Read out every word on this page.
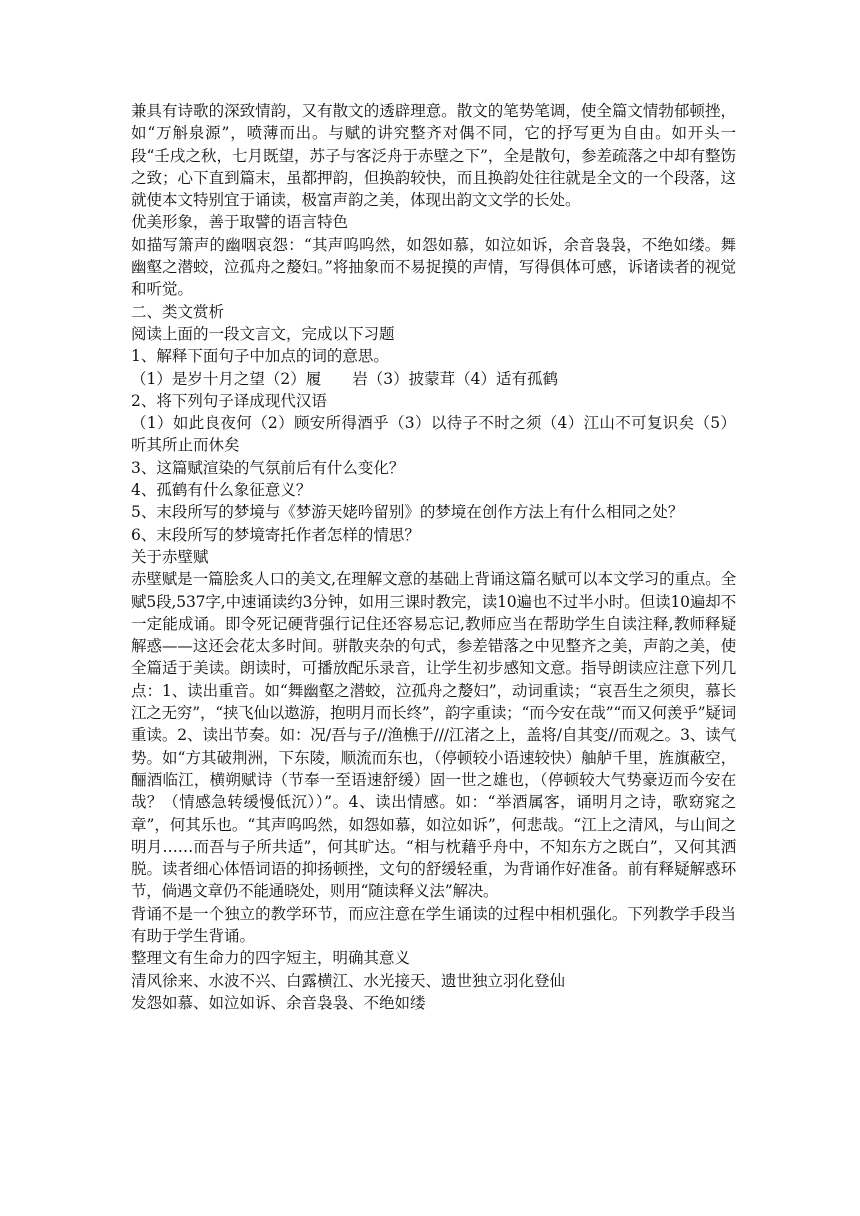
兼具有诗歌的深致情韵，又有散文的透辟理意。散文的笔势笔调，使全篇文情勃郁顿挫，如“万斛泉源”，喷薄而出。与赋的讲究整齐对偶不同，它的抒写更为自由。如开头一段“壬戌之秋，七月既望，苏子与客泛舟于赤壁之下”，全是散句，参差疏落之中却有整饬之致；心下直到篇末，虽都押韵，但换韵较快，而且换韵处往往就是全文的一个段落，这就使本文特别宜于诵读，极富声韵之美，体现出韵文文学的长处。

优美形象，善于取譬的语言特色

如描写箫声的幽咽哀怨：“其声呜呜然，如怨如慕，如泣如诉，余音袅袅，不绝如缕。舞幽壑之潜蛟，泣孤舟之嫠妇。”将抽象而不易捉摸的声情，写得俱体可感，诉诸读者的视觉和听觉。

二、类文赏析

阅读上面的一段文言文，完成以下习题

1、解释下面句子中加点的词的意思。

（1）是岁十月之望（2）履　　岩（3）披蒙茸（4）适有孤鹤

2、将下列句子译成现代汉语

（1）如此良夜何（2）顾安所得酒乎（3）以待子不时之须（4）江山不可复识矣（5）听其所止而休矣

3、这篇赋渲染的气氛前后有什么变化？

4、孤鹤有什么象征意义？

5、末段所写的梦境与《梦游天姥吟留别》的梦境在创作方法上有什么相同之处？

6、末段所写的梦境寄托作者怎样的情思？

关于赤壁赋

赤壁赋是一篇脍炙人口的美文,在理解文意的基础上背诵这篇名赋可以本文学习的重点。全赋5段,537字,中速诵读约3分钟，如用三课时教完，读10遍也不过半小时。但读10遍却不一定能成诵。即令死记硬背强行记住还容易忘记,教师应当在帮助学生自读注释,教师释疑解惑——这还会花太多时间。骈散夹杂的句式，参差错落之中见整齐之美，声韵之美，使全篇适于美读。朗读时，可播放配乐录音，让学生初步感知文意。指导朗读应注意下列几点：1、读出重音。如“舞幽壑之潜蛟，泣孤舟之嫠妇”，动词重读；“哀吾生之须臾，慕长江之无穷”，“挟飞仙以遨游，抱明月而长终”，韵字重读；“而今安在哉”“而又何羡乎”疑词重读。2、读出节奏。如：况/吾与子//渔樵于///江渚之上，盖将/自其变//而观之。3、读气势。如“方其破荆洲，下东陵，顺流而东也，（停顿较小语速较快）舳舻千里，旌旗蔽空，酾酒临江，横朔赋诗（节奉一至语速舒缓）固一世之雄也，（停顿较大气势豪迈而今安在哉？（情感急转缓慢低沉））”。4、读出情感。如：“举酒属客，诵明月之诗，歌窈窕之章”，何其乐也。“其声呜呜然，如怨如慕，如泣如诉”，何悲哉。“江上之清风，与山间之明月……而吾与子所共适”，何其旷达。“相与枕藉乎舟中，不知东方之既白”，又何其洒脱。读者细心体悟词语的抑扬顿挫，文句的舒缓轻重，为背诵作好准备。前有释疑解惑环节，倘遇文章仍不能通晓处，则用“随读释义法”解决。

背诵不是一个独立的教学环节，而应注意在学生诵读的过程中相机强化。下列教学手段当有助于学生背诵。

整理文有生命力的四字短主，明确其意义

清风徐来、水波不兴、白露横江、水光接天、遗世独立羽化登仙

发怨如慕、如泣如诉、余音袅袅、不绝如缕
